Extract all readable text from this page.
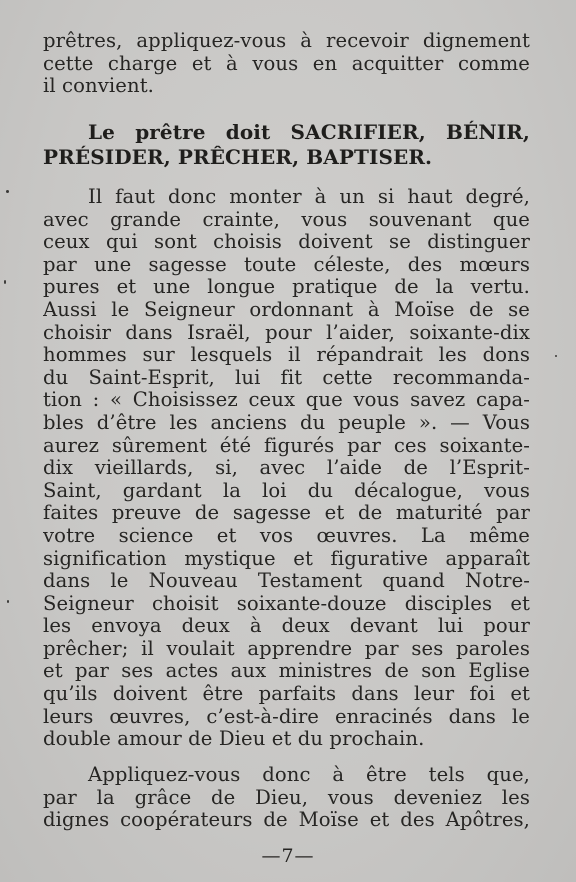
prêtres, appliquez-vous à recevoir dignement
cette charge et à vous en acquitter comme
il convient.
Le prêtre doit SACRIFIER, BÉNIR,
PRÉSIDER, PRÊCHER, BAPTISER.
Il faut donc monter à un si haut degré,
avec grande crainte, vous souvenant que
ceux qui sont choisis doivent se distinguer
par une sagesse toute céleste, des mœurs
pures et une longue pratique de la vertu.
Aussi le Seigneur ordonnant à Moïse de se
choisir dans Israël, pour l’aider, soixante-dix
hommes sur lesquels il répandrait les dons
du Saint-Esprit, lui fit cette recommanda-
tion : « Choisissez ceux que vous savez capa-
bles d’être les anciens du peuple ». — Vous
aurez sûrement été figurés par ces soixante-
dix vieillards, si, avec l’aide de l’Esprit-
Saint, gardant la loi du décalogue, vous
faites preuve de sagesse et de maturité par
votre science et vos œuvres. La même
signification mystique et figurative apparaît
dans le Nouveau Testament quand Notre-
Seigneur choisit soixante-douze disciples et
les envoya deux à deux devant lui pour
prêcher; il voulait apprendre par ses paroles
et par ses actes aux ministres de son Eglise
qu’ils doivent être parfaits dans leur foi et
leurs œuvres, c’est-à-dire enracinés dans le
double amour de Dieu et du prochain.
Appliquez-vous donc à être tels que,
par la grâce de Dieu, vous deveniez les
dignes coopérateurs de Moïse et des Apôtres,
—7—
